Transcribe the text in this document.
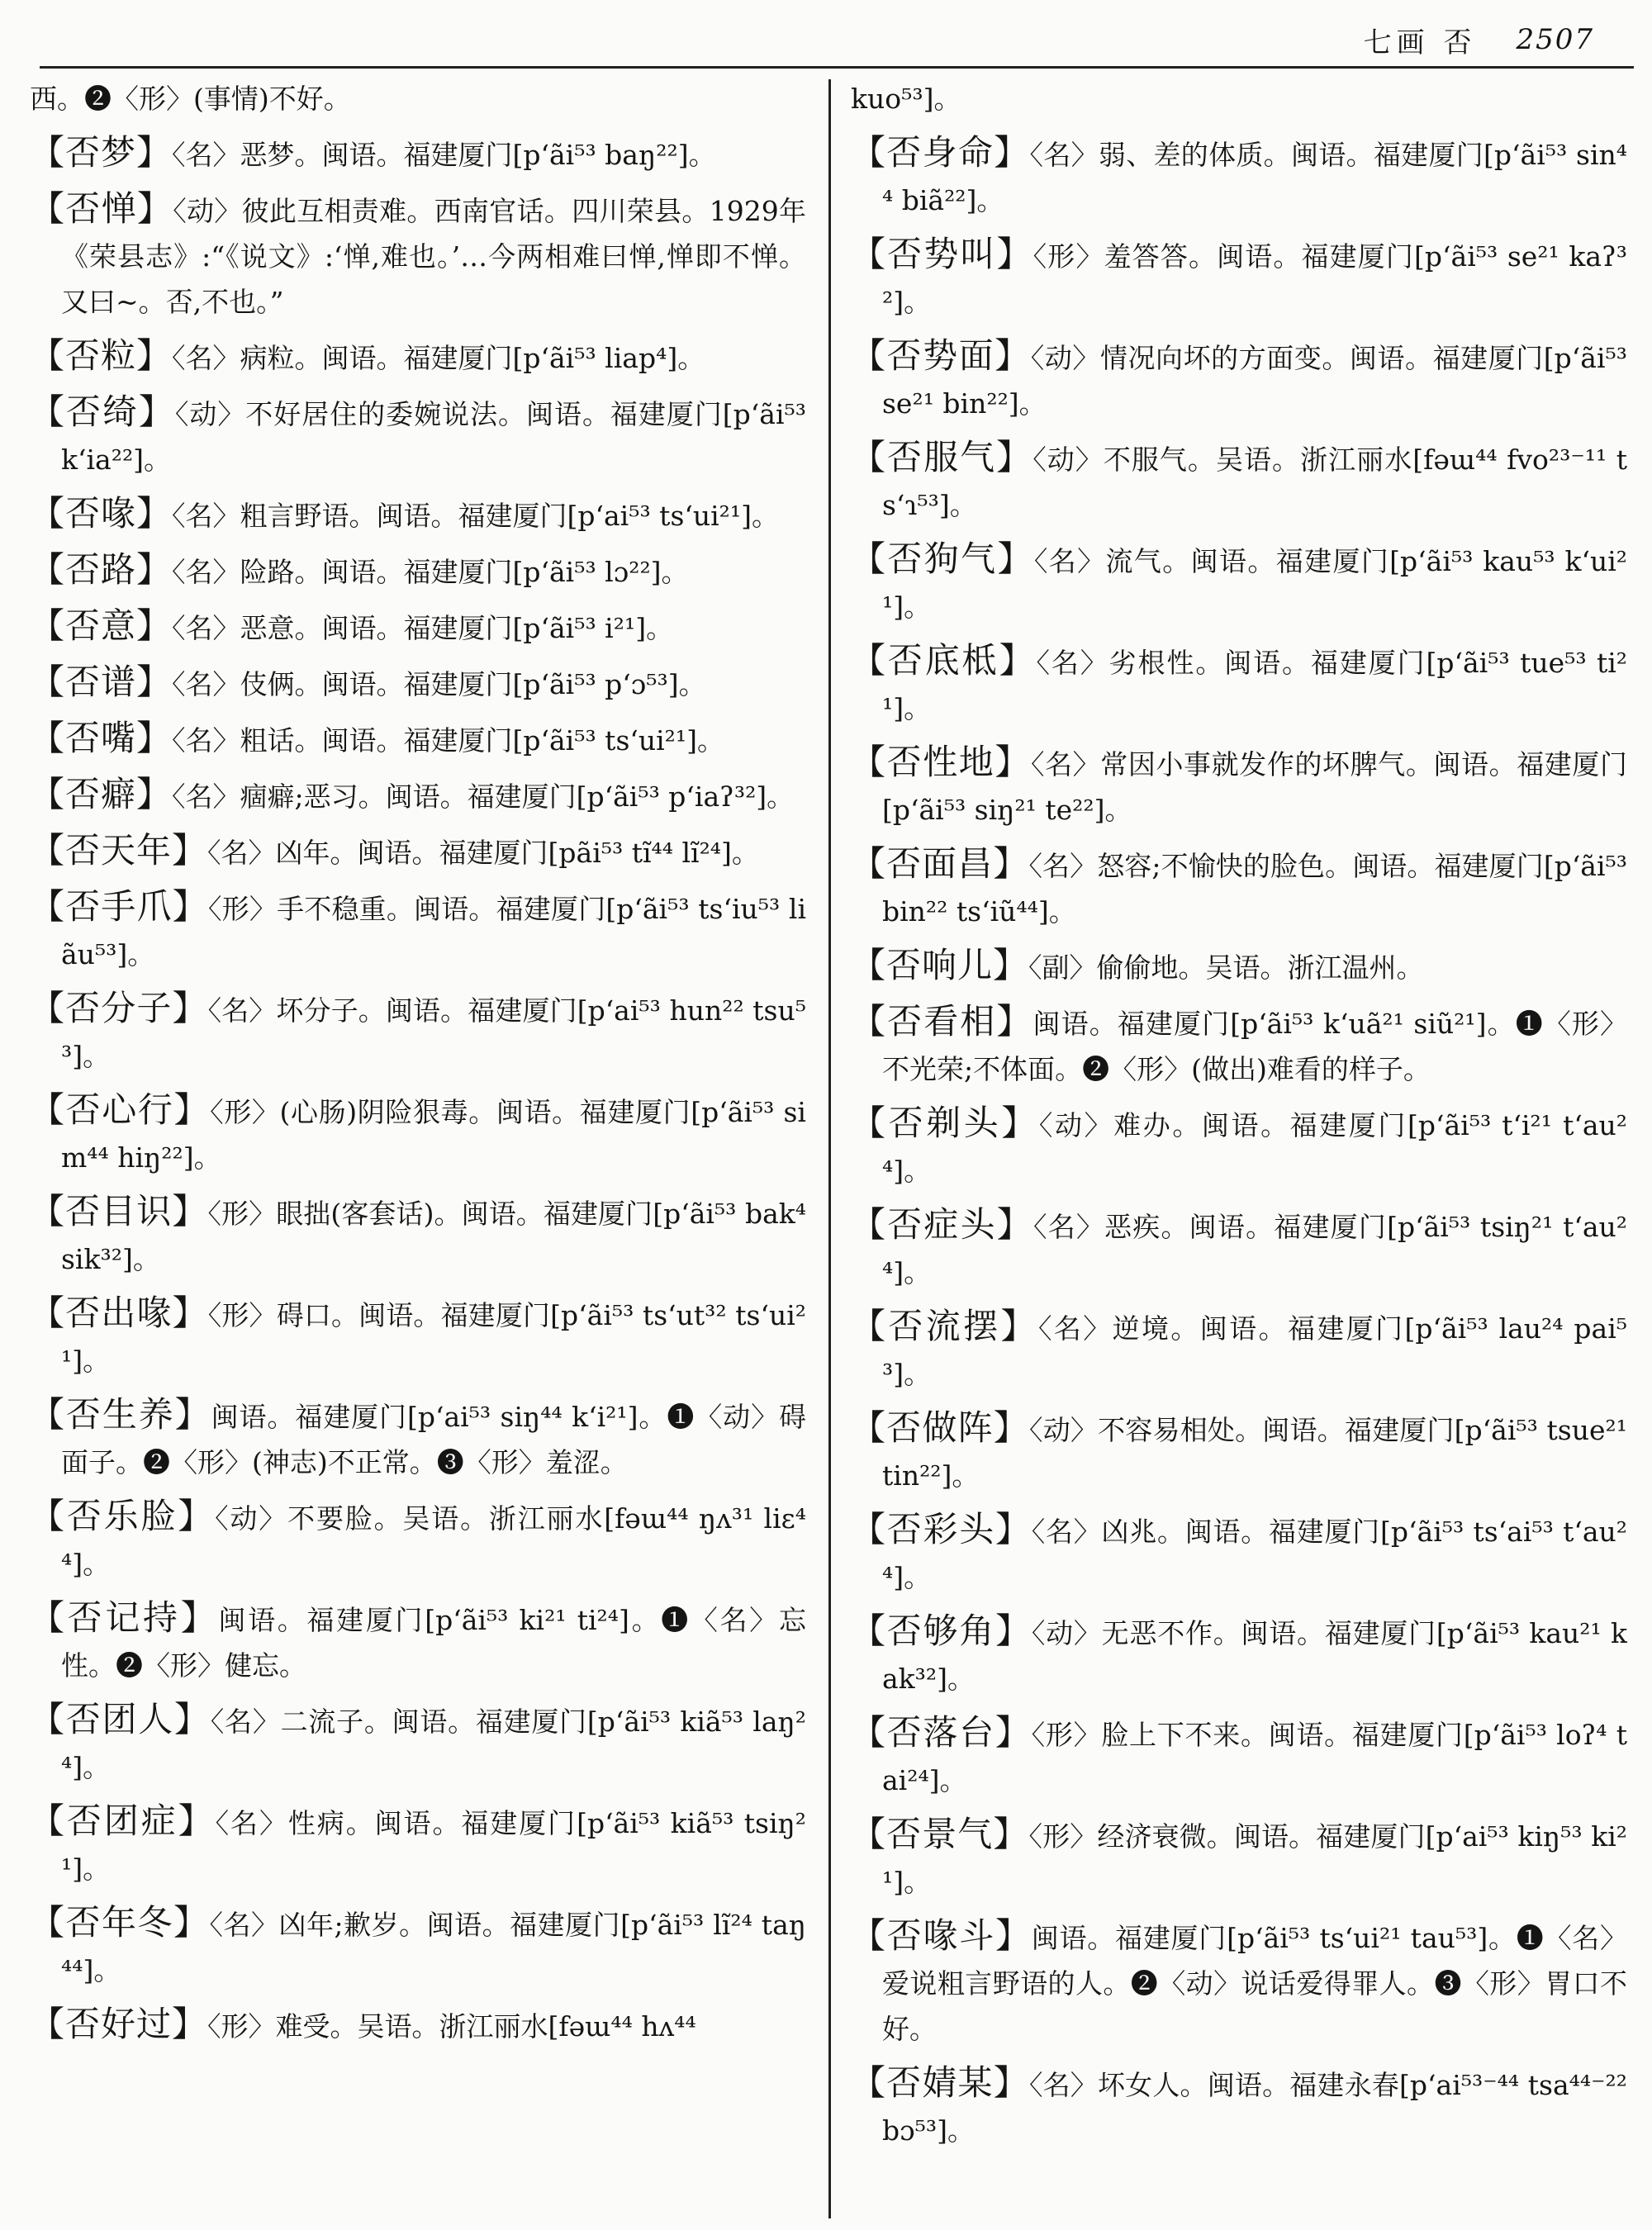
七画 否 2507

西。❷〈形〉(事情)不好。

【否梦】〈名〉恶梦。闽语。福建厦门[p‘ãi⁵³ baŋ²²]。

【否惮】〈动〉彼此互相责难。西南官话。四川荣县。1929年《荣县志》:“《说文》:‘惮,难也。’…今两相难曰惮,惮即不惮。又曰~。否,不也。”

【否粒】〈名〉病粒。闽语。福建厦门[p‘ãi⁵³ liap⁴]。

【否绮】〈动〉不好居住的委婉说法。闽语。福建厦门[p‘ãi⁵³ k‘ia²²]。

【否喙】〈名〉粗言野语。闽语。福建厦门[p‘ai⁵³ ts‘ui²¹]。

【否路】〈名〉险路。闽语。福建厦门[p‘ãi⁵³ lɔ²²]。

【否意】〈名〉恶意。闽语。福建厦门[p‘ãi⁵³ i²¹]。

【否谱】〈名〉伎俩。闽语。福建厦门[p‘ãi⁵³ p‘ɔ⁵³]。

【否嘴】〈名〉粗话。闽语。福建厦门[p‘ãi⁵³ ts‘ui²¹]。

【否癖】〈名〉痼癖;恶习。闽语。福建厦门[p‘ãi⁵³ p‘iaʔ³²]。

【否天年】〈名〉凶年。闽语。福建厦门[pãi⁵³ tĩ⁴⁴ lĩ²⁴]。

【否手爪】〈形〉手不稳重。闽语。福建厦门[p‘ãi⁵³ ts‘iu⁵³ liãu⁵³]。

【否分子】〈名〉坏分子。闽语。福建厦门[p‘ai⁵³ hun²² tsu⁵³]。

【否心行】〈形〉(心肠)阴险狠毒。闽语。福建厦门[p‘ãi⁵³ sim⁴⁴ hiŋ²²]。

【否目识】〈形〉眼拙(客套话)。闽语。福建厦门[p‘ãi⁵³ bak⁴ sik³²]。

【否出喙】〈形〉碍口。闽语。福建厦门[p‘ãi⁵³ ts‘ut³² ts‘ui²¹]。

【否生养】闽语。福建厦门[p‘ai⁵³ siŋ⁴⁴ k‘i²¹]。❶〈动〉碍面子。❷〈形〉(神志)不正常。❸〈形〉羞涩。

【否乐脸】〈动〉不要脸。吴语。浙江丽水[fəɯ⁴⁴ ŋʌ³¹ liɛ⁴⁴]。

【否记持】闽语。福建厦门[p‘ãi⁵³ ki²¹ ti²⁴]。❶〈名〉忘性。❷〈形〉健忘。

【否团人】〈名〉二流子。闽语。福建厦门[p‘ãi⁵³ kiã⁵³ laŋ²⁴]。

【否团症】〈名〉性病。闽语。福建厦门[p‘ãi⁵³ kiã⁵³ tsiŋ²¹]。

【否年冬】〈名〉凶年;歉岁。闽语。福建厦门[p‘ãi⁵³ lĩ²⁴ taŋ⁴⁴]。

【否好过】〈形〉难受。吴语。浙江丽水[fəɯ⁴⁴ hʌ⁴⁴

kuo⁵³]。

【否身命】〈名〉弱、差的体质。闽语。福建厦门[p‘ãi⁵³ sin⁴⁴ biã²²]。

【否势叫】〈形〉羞答答。闽语。福建厦门[p‘ãi⁵³ se²¹ kaʔ³²]。

【否势面】〈动〉情况向坏的方面变。闽语。福建厦门[p‘ãi⁵³ se²¹ bin²²]。

【否服气】〈动〉不服气。吴语。浙江丽水[fəɯ⁴⁴ fvo²³⁻¹¹ ts‘ɿ⁵³]。

【否狗气】〈名〉流气。闽语。福建厦门[p‘ãi⁵³ kau⁵³ k‘ui²¹]。

【否底柢】〈名〉劣根性。闽语。福建厦门[p‘ãi⁵³ tue⁵³ ti²¹]。

【否性地】〈名〉常因小事就发作的坏脾气。闽语。福建厦门[p‘ãi⁵³ siŋ²¹ te²²]。

【否面昌】〈名〉怒容;不愉快的脸色。闽语。福建厦门[p‘ãi⁵³ bin²² ts‘iũ⁴⁴]。

【否响儿】〈副〉偷偷地。吴语。浙江温州。

【否看相】闽语。福建厦门[p‘ãi⁵³ k‘uã²¹ siũ²¹]。❶〈形〉不光荣;不体面。❷〈形〉(做出)难看的样子。

【否剃头】〈动〉难办。闽语。福建厦门[p‘ãi⁵³ t‘i²¹ t‘au²⁴]。

【否症头】〈名〉恶疾。闽语。福建厦门[p‘ãi⁵³ tsiŋ²¹ t‘au²⁴]。

【否流摆】〈名〉逆境。闽语。福建厦门[p‘ãi⁵³ lau²⁴ pai⁵³]。

【否做阵】〈动〉不容易相处。闽语。福建厦门[p‘ãi⁵³ tsue²¹ tin²²]。

【否彩头】〈名〉凶兆。闽语。福建厦门[p‘ãi⁵³ ts‘ai⁵³ t‘au²⁴]。

【否够角】〈动〉无恶不作。闽语。福建厦门[p‘ãi⁵³ kau²¹ kak³²]。

【否落台】〈形〉脸上下不来。闽语。福建厦门[p‘ãi⁵³ loʔ⁴ tai²⁴]。

【否景气】〈形〉经济衰微。闽语。福建厦门[p‘ai⁵³ kiŋ⁵³ ki²¹]。

【否喙斗】闽语。福建厦门[p‘ãi⁵³ ts‘ui²¹ tau⁵³]。❶〈名〉爱说粗言野语的人。❷〈动〉说话爱得罪人。❸〈形〉胃口不好。

【否婧某】〈名〉坏女人。闽语。福建永春[p‘ai⁵³⁻⁴⁴ tsa⁴⁴⁻²² bɔ⁵³]。
